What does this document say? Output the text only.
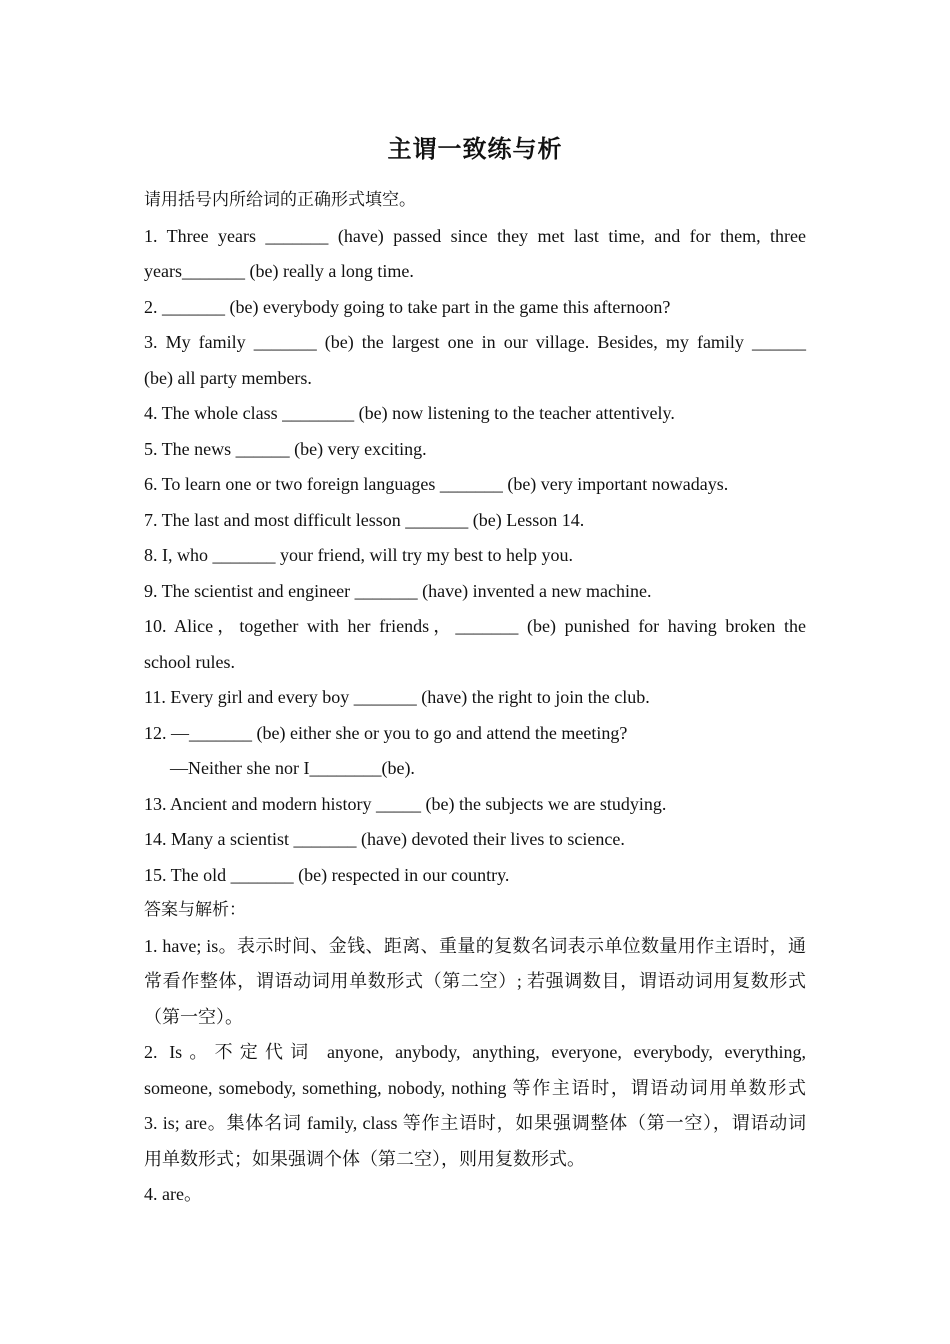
主谓一致练与析
请用括号内所给词的正确形式填空。
1. Three years _______ (have) passed since they met last time, and for them, three
years_______ (be) really a long time.
2. _______ (be) everybody going to take part in the game this afternoon?
3. My family _______ (be) the largest one in our village. Besides, my family ______
(be) all party members.
4. The whole class ________ (be) now listening to the teacher attentively.
5. The news ______ (be) very exciting.
6. To learn one or two foreign languages _______ (be) very important nowadays.
7. The last and most difficult lesson _______ (be) Lesson 14.
8. I, who _______ your friend, will try my best to help you.
9. The scientist and engineer _______ (have) invented a new machine.
10. Alice，together with her friends，_______ (be) punished for having broken the
school rules.
11. Every girl and every boy _______ (have) the right to join the club.
12. —_______ (be) either she or you to go and attend the meeting?
—Neither she nor I________(be).
13. Ancient and modern history _____ (be) the subjects we are studying.
14. Many a scientist _______ (have) devoted their lives to science.
15. The old _______ (be) respected in our country.
答案与解析：
1. have; is。表示时间、金钱、距离、重量的复数名词表示单位数量用作主语时，通
常看作整体，谓语动词用单数形式（第二空）; 若强调数目，谓语动词用复数形式
（第一空）。
2. Is。不定代词 anyone, anybody, anything, everyone, everybody, everything,
someone, somebody, something, nobody, nothing 等作主语时，谓语动词用单数形式
3. is; are。集体名词 family, class 等作主语时，如果强调整体（第一空），谓语动词
用单数形式；如果强调个体（第二空），则用复数形式。
4. are。
